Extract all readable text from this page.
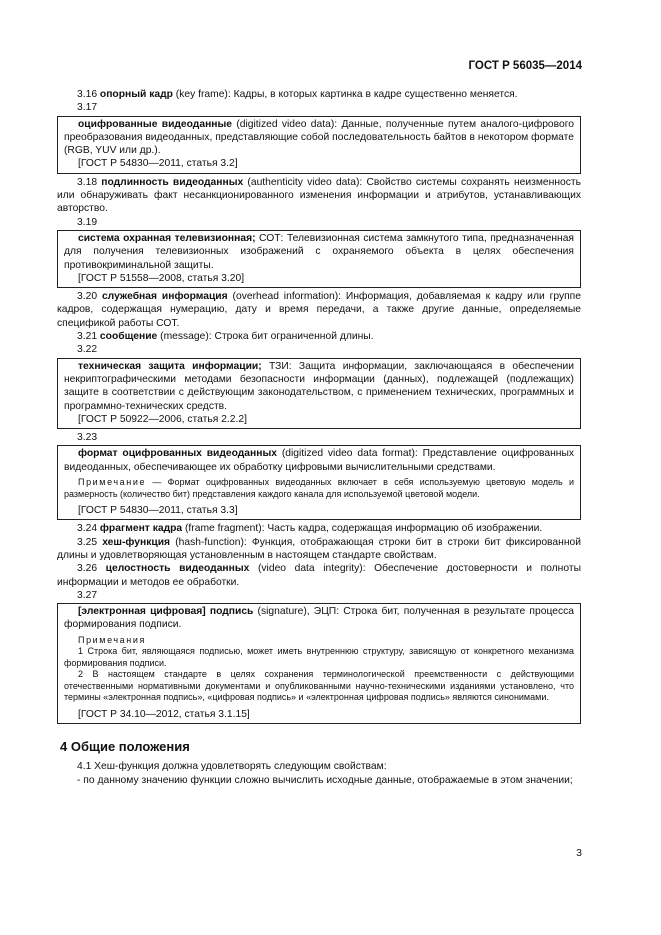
ГОСТ Р 56035—2014

3.16 опорный кадр (key frame): Кадры, в которых картинка в кадре существенно меняется.

3.17

оцифрованные видеоданные (digitized video data): Данные, полученные путем аналого-цифрового преобразования видеоданных, представляющие собой последовательность байтов в некотором формате (RGB, YUV или др.).

[ГОСТ Р 54830—2011, статья 3.2]

3.18 подлинность видеоданных (authenticity video data): Свойство системы сохранять неизменность или обнаруживать факт несанкционированного изменения информации и атрибутов, устанавливающих авторство.

3.19

система охранная телевизионная; СОТ: Телевизионная система замкнутого типа, предназначенная для получения телевизионных изображений с охраняемого объекта в целях обеспечения противокриминальной защиты.

[ГОСТ Р 51558—2008, статья 3.20]

3.20 служебная информация (overhead information): Информация, добавляемая к кадру или группе кадров, содержащая нумерацию, дату и время передачи, а также другие данные, определяемые спецификой работы СОТ.

3.21 сообщение (message): Строка бит ограниченной длины.

3.22

техническая защита информации; ТЗИ: Защита информации, заключающаяся в обеспечении некриптографическими методами безопасности информации (данных), подлежащей (подлежащих) защите в соответствии с действующим законодательством, с применением технических, программных и программно-технических средств.

[ГОСТ Р 50922—2006, статья 2.2.2]

3.23

формат оцифрованных видеоданных (digitized video data format): Представление оцифрованных видеоданных, обеспечивающее их обработку цифровыми вычислительными средствами.

Примечание — Формат оцифрованных видеоданных включает в себя используемую цветовую модель и размерность (количество бит) представления каждого канала для используемой цветовой модели.

[ГОСТ Р 54830—2011, статья 3.3]

3.24 фрагмент кадра (frame fragment): Часть кадра, содержащая информацию об изображении.

3.25 хеш-функция (hash-function): Функция, отображающая строки бит в строки бит фиксированной длины и удовлетворяющая установленным в настоящем стандарте свойствам.

3.26 целостность видеоданных (video data integrity): Обеспечение достоверности и полноты информации и методов ее обработки.

3.27

[электронная цифровая] подпись (signature), ЭЦП: Строка бит, полученная в результате процесса формирования подписи.

Примечания

1 Строка бит, являющаяся подписью, может иметь внутреннюю структуру, зависящую от конкретного механизма формирования подписи.

2 В настоящем стандарте в целях сохранения терминологической преемственности с действующими отечественными нормативными документами и опубликованными научно-техническими изданиями установлено, что термины «электронная подпись», «цифровая подпись» и «электронная цифровая подпись» являются синонимами.

[ГОСТ Р 34.10—2012, статья 3.1.15]

4 Общие положения

4.1 Хеш-функция должна удовлетворять следующим свойствам:

- по данному значению функции сложно вычислить исходные данные, отображаемые в этом значении;

3
